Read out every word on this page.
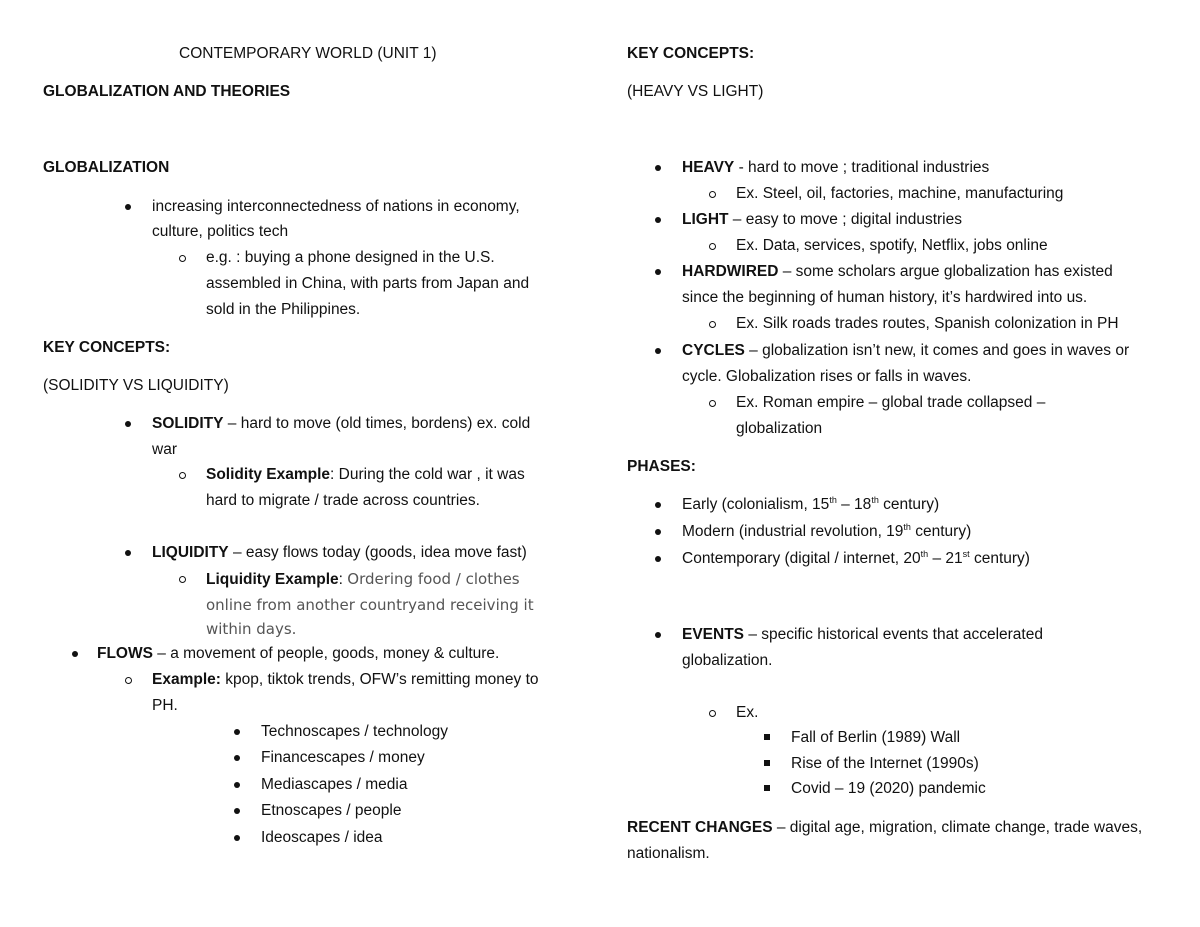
CONTEMPORARY WORLD (UNIT 1)
GLOBALIZATION AND THEORIES
GLOBALIZATION
increasing interconnectedness of nations in economy,
culture, politics tech
e.g. : buying a phone designed in the U.S.
assembled in China, with parts from Japan and
sold in the Philippines.
KEY CONCEPTS:
(SOLIDITY VS LIQUIDITY)
SOLIDITY – hard to move (old times, bordens) ex. cold
war
Solidity Example: During the cold war , it was
hard to migrate / trade across countries.
LIQUIDITY – easy flows today (goods, idea move fast)
Liquidity Example: Ordering food / clothes
online from another countryand receiving it
within days.
FLOWS – a movement of people, goods, money & culture.
Example: kpop, tiktok trends, OFW’s remitting money to
PH.
Technoscapes / technology
Financescapes / money
Mediascapes / media
Etnoscapes / people
Ideoscapes / idea
KEY CONCEPTS:
(HEAVY VS LIGHT)
HEAVY - hard to move ; traditional industries
Ex. Steel, oil, factories, machine, manufacturing
LIGHT – easy to move ; digital industries
Ex. Data, services, spotify, Netflix, jobs online
HARDWIRED – some scholars argue globalization has existed
since the beginning of human history, it’s hardwired into us.
Ex. Silk roads trades routes, Spanish colonization in PH
CYCLES – globalization isn’t new, it comes and goes in waves or
cycle. Globalization rises or falls in waves.
Ex. Roman empire – global trade collapsed –
globalization
PHASES:
Early (colonialism, 15th – 18th century)
Modern (industrial revolution, 19th century)
Contemporary (digital / internet, 20th – 21st century)
EVENTS – specific historical events that accelerated
globalization.
Ex.
Fall of Berlin (1989) Wall
Rise of the Internet (1990s)
Covid – 19 (2020) pandemic
RECENT CHANGES – digital age, migration, climate change, trade waves,
nationalism.
